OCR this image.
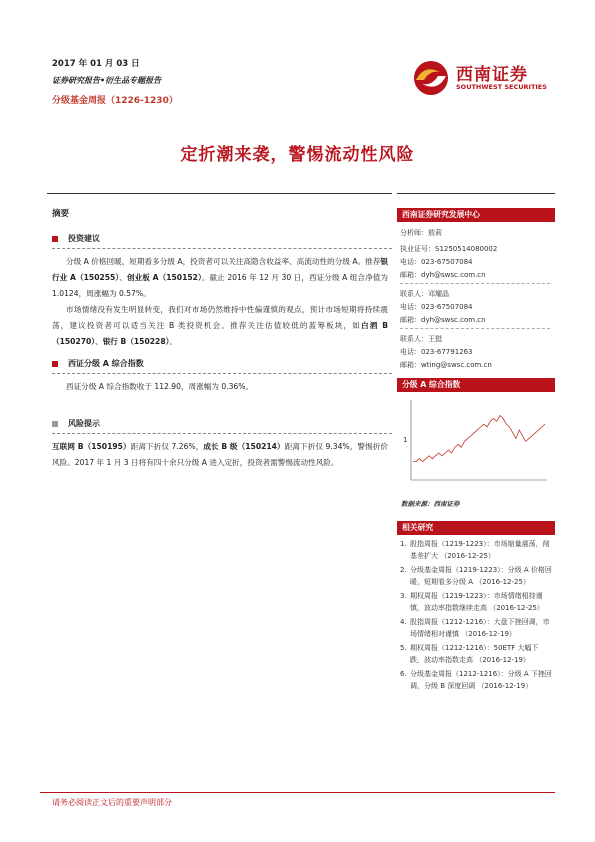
2017 年 01 月 03 日
证券研究报告•衍生品专题报告
分级基金周报（1226-1230）
西南证券
SOUTHWEST SECURITIES
定折潮来袭，警惕流动性风险
摘要
投资建议
分级 A 价格回暖，短期看多分级 A，投资者可以关注高隐含收益率、高流动性的分级 A。推荐银行业 A（150255）、创业板 A（150152）。截止 2016 年 12 月 30 日，西证分级 A 组合净值为 1.0124，周涨幅为 0.57%。
市场情绪没有发生明显转变，我们对市场仍然维持中性偏谨慎的观点，预计市场短期将持续震荡，建议投资者可以适当关注 B 类投资机会。推荐关注估值较低的蓝筹板块，如白酒 B（150270）、银行 B（150228）。
西证分级 A 综合指数
西证分级 A 综合指数收于 112.90，周涨幅为 0.36%。
风险提示
互联网 B（150195）距离下折仅 7.26%，成长 B 级（150214）距离下折仅 9.34%，警惕折价风险。2017 年 1 月 3 日将有四十余只分级 A 进入定折，投资者需警惕流动性风险。
西南证券研究发展中心
分析师：敖莉
执业证号：S1250514080002
电话：023-67507084
邮箱：dyh@swsc.com.cn
联系人：邓耀晶
电话：023-67507084
邮箱：dyh@swsc.com.cn
联系人：王挺
电话：023-67791263
邮箱：wting@swsc.com.cn
分级 A 综合指数
1
数据来源：西南证券
相关研究
1. 股指周报（1219-1223）：市场缩量震荡，削基差扩大 （2016-12-25）
2. 分级基金周报（1219-1223）：分级 A 价格回暖，短期看多分级 A （2016-12-25）
3. 期权周报（1219-1223）：市场情绪相持谨慎，波动率指数继续走高 （2016-12-25）
4. 股指周报（1212-1216）：大盘下挫回调，市场情绪相对谨慎 （2016-12-19）
5. 期权周报（1212-1216）：50ETF 大幅下跌，波动率指数走高 （2016-12-19）
6. 分级基金周报（1212-1216）：分级 A 下挫回调，分级 B 深度回调 （2016-12-19）
请务必阅读正文后的重要声明部分
